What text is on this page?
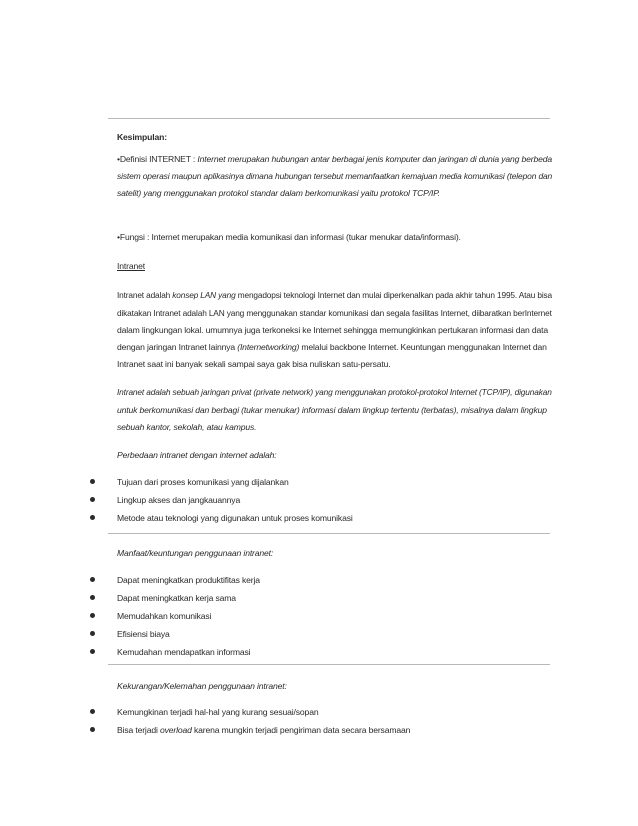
Kesimpulan:
•Definisi INTERNET : Internet merupakan hubungan antar berbagai jenis komputer dan jaringan di dunia yang berbeda
sistem operasi maupun aplikasinya dimana hubungan tersebut memanfaatkan kemajuan media komunikasi (telepon dan
satelit) yang menggunakan protokol standar dalam berkomunikasi yaitu protokol TCP/IP.
•Fungsi : Internet merupakan media komunikasi dan informasi (tukar menukar data/informasi).
Intranet
Intranet adalah konsep LAN yang mengadopsi teknologi Internet dan mulai diperkenalkan pada akhir tahun 1995. Atau bisa
dikatakan Intranet adalah LAN yang menggunakan standar komunikasi dan segala fasilitas Internet, diibaratkan berInternet
dalam lingkungan lokal. umumnya juga terkoneksi ke Internet sehingga memungkinkan pertukaran informasi dan data
dengan jaringan Intranet lainnya (Internetworking) melalui backbone Internet. Keuntungan menggunakan Internet dan
Intranet saat ini banyak sekali sampai saya gak bisa nuliskan satu-persatu.
Intranet adalah sebuah jaringan privat (private network) yang menggunakan protokol-protokol Internet (TCP/IP), digunakan
untuk berkomunikasi dan berbagi (tukar menukar) informasi dalam lingkup tertentu (terbatas), misalnya dalam lingkup
sebuah kantor, sekolah, atau kampus.
Perbedaan intranet dengan internet adalah:
Tujuan dari proses komunikasi yang dijalankan
Lingkup akses dan jangkauannya
Metode atau teknologi yang digunakan untuk proses komunikasi
Manfaat/keuntungan penggunaan intranet:
Dapat meningkatkan produktifitas kerja
Dapat meningkatkan kerja sama
Memudahkan komunikasi
Efisiensi biaya
Kemudahan mendapatkan informasi
Kekurangan/Kelemahan penggunaan intranet:
Kemungkinan terjadi hal-hal yang kurang sesuai/sopan
Bisa terjadi overload karena mungkin terjadi pengiriman data secara bersamaan
